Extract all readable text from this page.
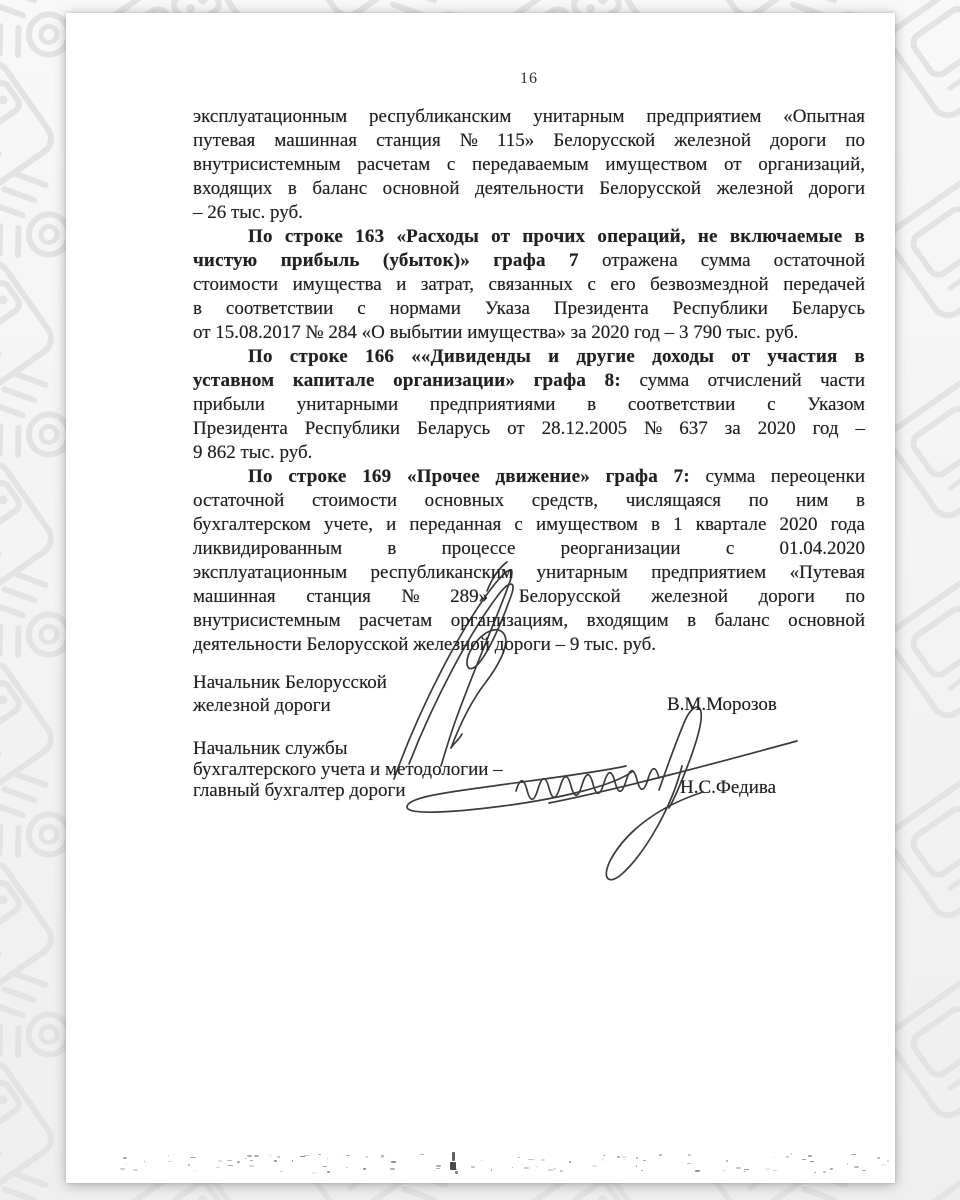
16
эксплуатационным республиканским унитарным предприятием «Опытная
путевая машинная станция № 115» Белорусской железной дороги по
внутрисистемным расчетам с передаваемым имуществом от организаций,
входящих в баланс основной деятельности Белорусской железной дороги
– 26 тыс. руб.
По строке 163 «Расходы от прочих операций, не включаемые в
чистую прибыль (убыток)» графа 7 отражена сумма остаточной
стоимости имущества и затрат, связанных с его безвозмездной передачей
в соответствии с нормами Указа Президента Республики Беларусь
от 15.08.2017 № 284 «О выбытии имущества» за 2020 год – 3 790 тыс. руб.
По строке 166 ««Дивиденды и другие доходы от участия в
уставном капитале организации» графа 8: сумма отчислений части
прибыли унитарными предприятиями в соответствии с Указом
Президента Республики Беларусь от 28.12.2005 № 637 за 2020 год –
9 862 тыс. руб.
По строке 169 «Прочее движение» графа 7: сумма переоценки
остаточной стоимости основных средств, числящаяся по ним в
бухгалтерском учете, и переданная с имуществом в 1 квартале 2020 года
ликвидированным в процессе реорганизации с 01.04.2020
эксплуатационным республиканским унитарным предприятием «Путевая
машинная станция № 289» Белорусской железной дороги по
внутрисистемным расчетам организациям, входящим в баланс основной
деятельности Белорусской железной дороги – 9 тыс. руб.
Начальник Белорусской
железной дороги	В.М.Морозов
Начальник службы
бухгалтерского учета и методологии –
главный бухгалтер дороги	Н.С.Федива
